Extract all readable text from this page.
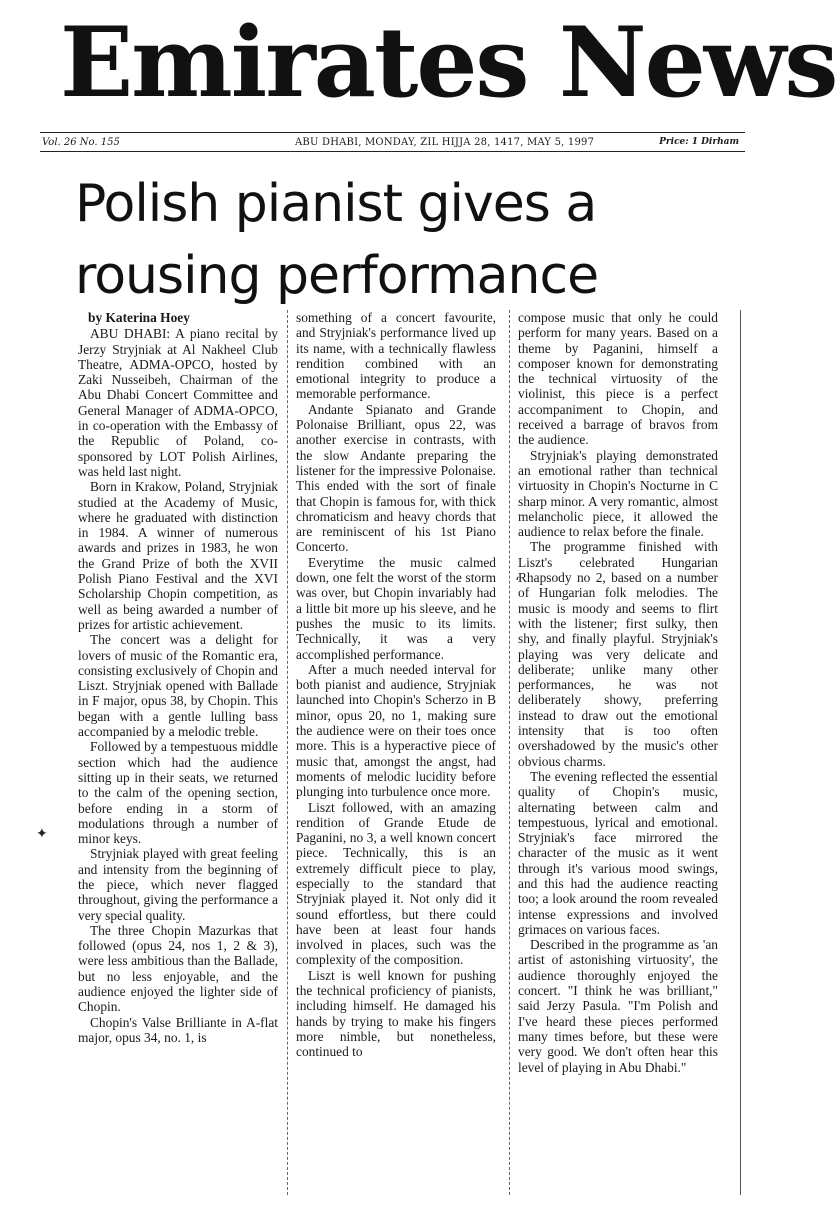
Emirates News
Vol. 26 No. 155	ABU DHABI, MONDAY, ZIL HIJJA 28, 1417, MAY 5, 1997	Price: 1 Dirham
Polish pianist gives a
rousing performance

by Katerina Hoey

ABU DHABI: A piano recital by Jerzy Stryjniak at Al Nakheel Club Theatre, ADMA-OPCO, hosted by Zaki Nusseibeh, Chairman of the Abu Dhabi Concert Committee and General Manager of ADMA-OPCO, in co-operation with the Embassy of the Republic of Poland, co-sponsored by LOT Polish Airlines, was held last night.

Born in Krakow, Poland, Stryjniak studied at the Academy of Music, where he graduated with distinction in 1984. A winner of numerous awards and prizes in 1983, he won the Grand Prize of both the XVII Polish Piano Festival and the XVI Scholarship Chopin competition, as well as being awarded a number of prizes for artistic achievement.

The concert was a delight for lovers of music of the Romantic era, consisting exclusively of Chopin and Liszt. Stryjniak opened with Ballade in F major, opus 38, by Chopin. This began with a gentle lulling bass accompanied by a melodic treble.

Followed by a tempestuous middle section which had the audience sitting up in their seats, we returned to the calm of the opening section, before ending in a storm of modulations through a number of minor keys.

Stryjniak played with great feeling and intensity from the beginning of the piece, which never flagged throughout, giving the performance a very special quality.

The three Chopin Mazurkas that followed (opus 24, nos 1, 2 & 3), were less ambitious than the Ballade, but no less enjoyable, and the audience enjoyed the lighter side of Chopin.

Chopin's Valse Brilliante in A-flat major, opus 34, no. 1, is

something of a concert favourite, and Stryjniak's performance lived up its name, with a technically flawless rendition combined with an emotional integrity to produce a memorable performance.

Andante Spianato and Grande Polonaise Brilliant, opus 22, was another exercise in contrasts, with the slow Andante preparing the listener for the impressive Polonaise. This ended with the sort of finale that Chopin is famous for, with thick chromaticism and heavy chords that are reminiscent of his 1st Piano Concerto.

Everytime the music calmed down, one felt the worst of the storm was over, but Chopin invariably had a little bit more up his sleeve, and he pushes the music to its limits. Technically, it was a very accomplished performance.

After a much needed interval for both pianist and audience, Stryjniak launched into Chopin's Scherzo in B minor, opus 20, no 1, making sure the audience were on their toes once more. This is a hyperactive piece of music that, amongst the angst, had moments of melodic lucidity before plunging into turbulence once more.

Liszt followed, with an amazing rendition of Grande Etude de Paganini, no 3, a well known concert piece. Technically, this is an extremely difficult piece to play, especially to the standard that Stryjniak played it. Not only did it sound effortless, but there could have been at least four hands involved in places, such was the complexity of the composition.

Liszt is well known for pushing the technical proficiency of pianists, including himself. He damaged his hands by trying to make his fingers more nimble, but nonetheless, continued to

compose music that only he could perform for many years. Based on a theme by Paganini, himself a composer known for demonstrating the technical virtuosity of the violinist, this piece is a perfect accompaniment to Chopin, and received a barrage of bravos from the audience.

Stryjniak's playing demonstrated an emotional rather than technical virtuosity in Chopin's Nocturne in C sharp minor. A very romantic, almost melancholic piece, it allowed the audience to relax before the finale.

The programme finished with Liszt's celebrated Hungarian Rhapsody no 2, based on a number of Hungarian folk melodies. The music is moody and seems to flirt with the listener; first sulky, then shy, and finally playful. Stryjniak's playing was very delicate and deliberate; unlike many other performances, he was not deliberately showy, preferring instead to draw out the emotional intensity that is too often overshadowed by the music's other obvious charms.

The evening reflected the essential quality of Chopin's music, alternating between calm and tempestuous, lyrical and emotional. Stryjniak's face mirrored the character of the music as it went through it's various mood swings, and this had the audience reacting too; a look around the room revealed intense expressions and involved grimaces on various faces.

Described in the programme as 'an artist of astonishing virtuosity', the audience thoroughly enjoyed the concert. "I think he was brilliant," said Jerzy Pasula. "I'm Polish and I've heard these pieces performed many times before, but these were very good. We don't often hear this level of playing in Abu Dhabi."

✦
‘
